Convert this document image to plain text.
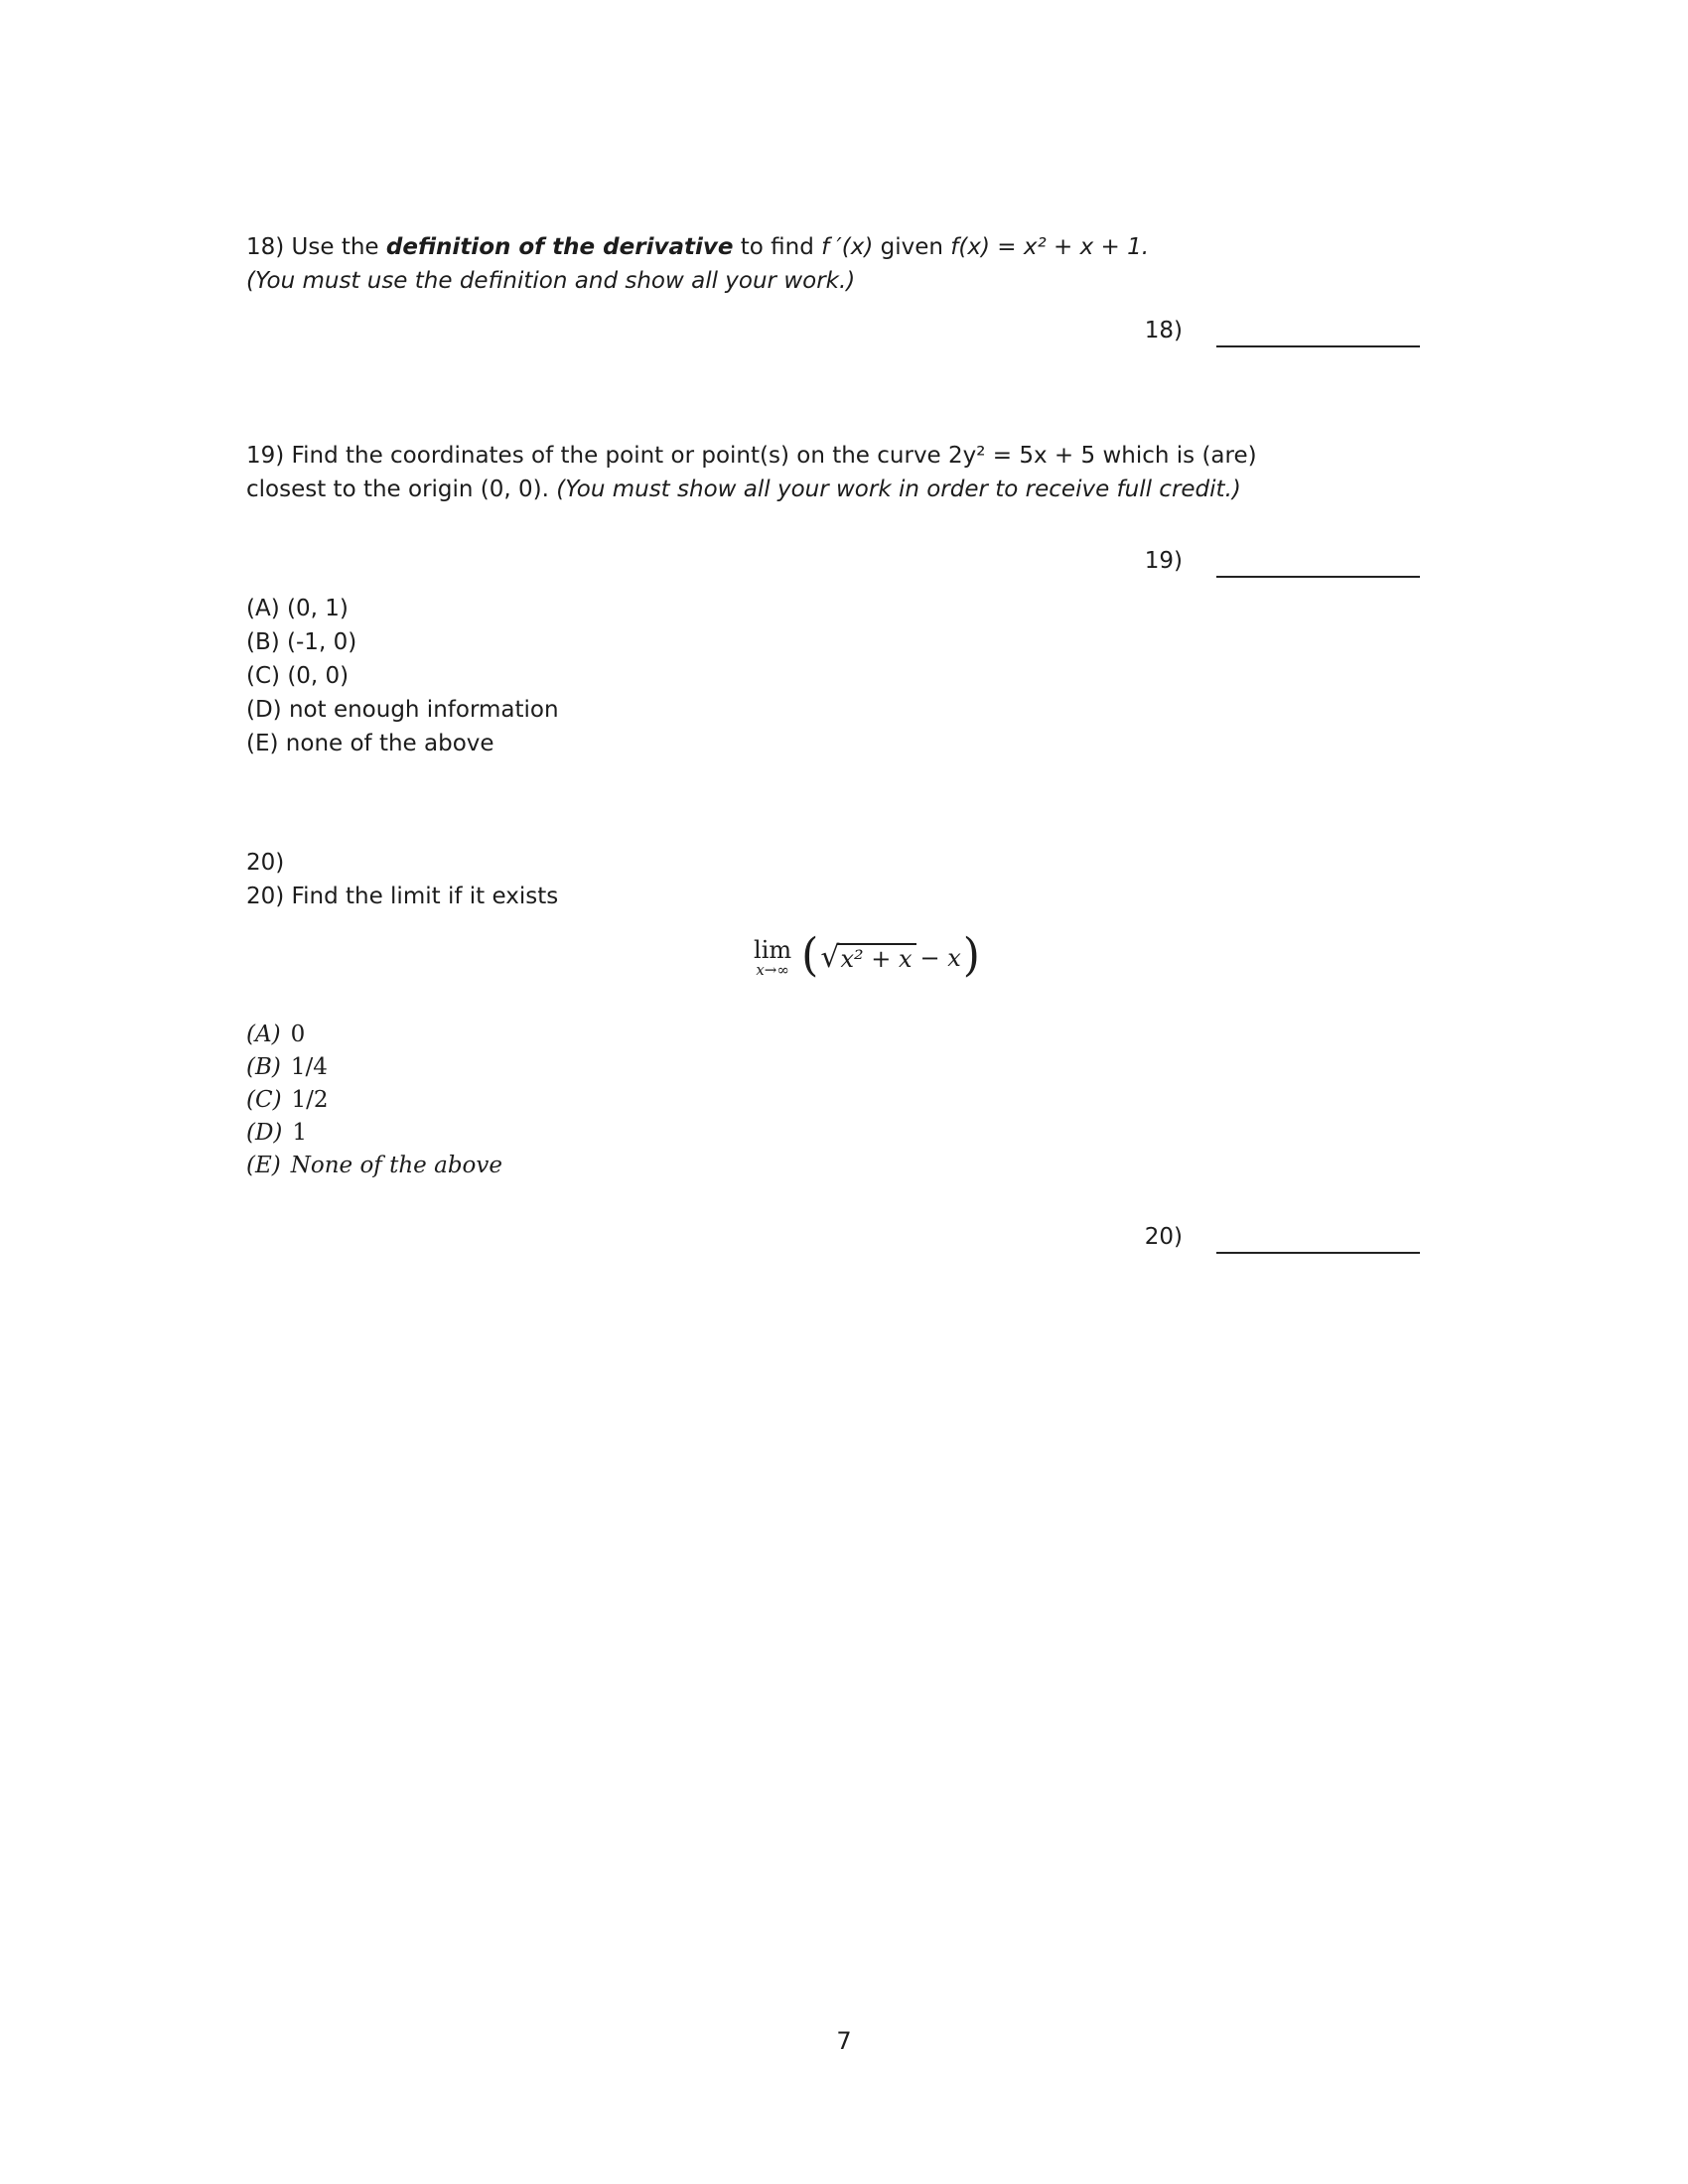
18) Use the definition of the derivative to find f ′(x) given f(x) = x² + x + 1.
(You must use the definition and show all your work.)
18)
19) Find the coordinates of the point or point(s) on the curve 2y² = 5x + 5 which is (are)
closest to the origin (0, 0). (You must show all your work in order to receive full credit.)
19)
(A) (0, 1)
(B) (-1, 0)
(C) (0, 0)
(D) not enough information
(E) none of the above
20)
20) Find the limit if it exists
lim
x→∞ ( √ x² + x − x )
(A) 0
(B) 1/4
(C) 1/2
(D) 1
(E) None of the above
20)
7
